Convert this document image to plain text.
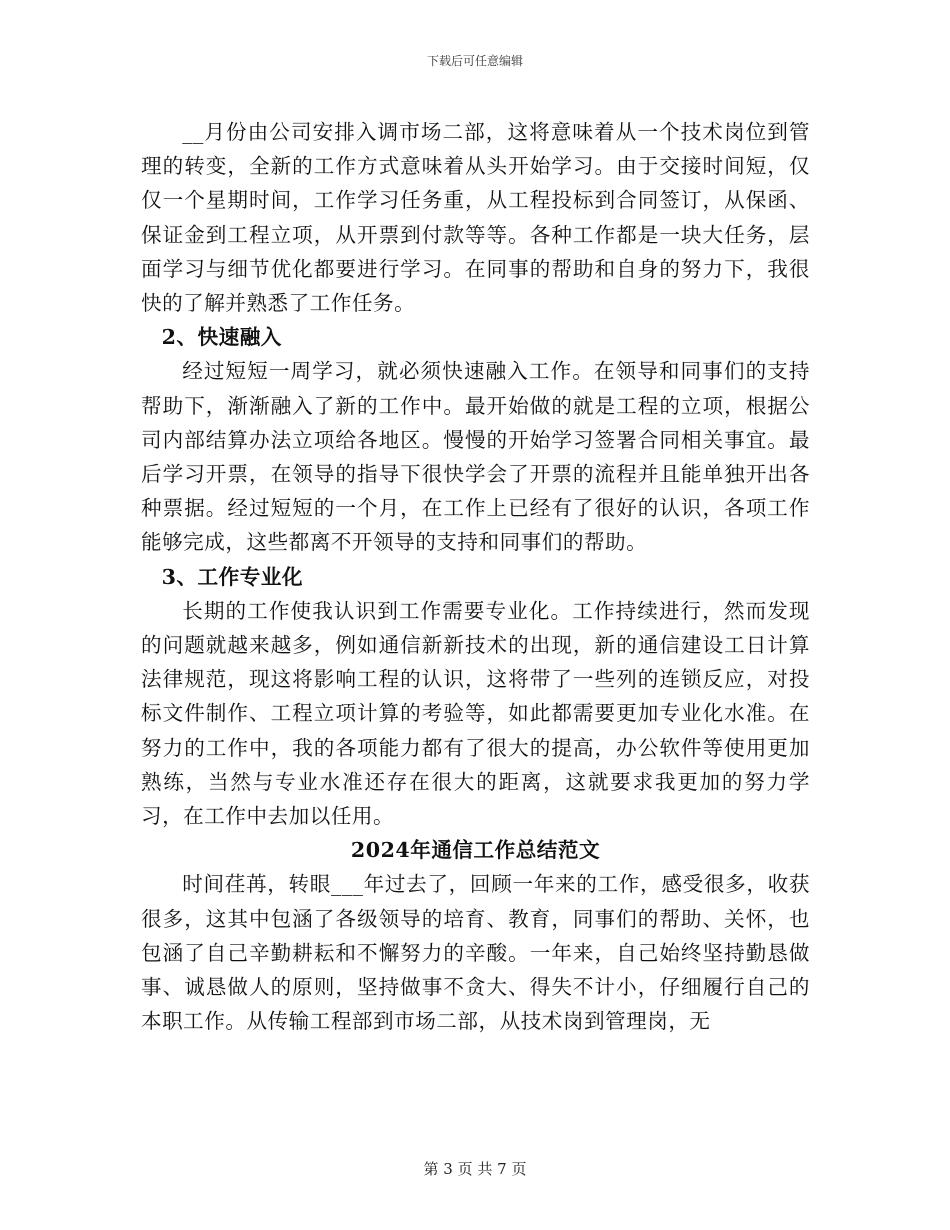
下载后可任意编辑

__月份由公司安排入调市场二部，这将意味着从一个技术岗位到管理的转变，全新的工作方式意味着从头开始学习。由于交接时间短，仅仅一个星期时间，工作学习任务重，从工程投标到合同签订，从保函、保证金到工程立项，从开票到付款等等。各种工作都是一块大任务，层面学习与细节优化都要进行学习。在同事的帮助和自身的努力下，我很快的了解并熟悉了工作任务。

2、快速融入

经过短短一周学习，就必须快速融入工作。在领导和同事们的支持帮助下，渐渐融入了新的工作中。最开始做的就是工程的立项，根据公司内部结算办法立项给各地区。慢慢的开始学习签署合同相关事宜。最后学习开票，在领导的指导下很快学会了开票的流程并且能单独开出各种票据。经过短短的一个月，在工作上已经有了很好的认识，各项工作能够完成，这些都离不开领导的支持和同事们的帮助。

3、工作专业化

长期的工作使我认识到工作需要专业化。工作持续进行，然而发现的问题就越来越多，例如通信新新技术的出现，新的通信建设工日计算法律规范，现这将影响工程的认识，这将带了一些列的连锁反应，对投标文件制作、工程立项计算的考验等，如此都需要更加专业化水准。在努力的工作中，我的各项能力都有了很大的提高，办公软件等使用更加熟练，当然与专业水准还存在很大的距离，这就要求我更加的努力学习，在工作中去加以任用。

2024年通信工作总结范文

时间荏苒，转眼___年过去了，回顾一年来的工作，感受很多，收获很多，这其中包涵了各级领导的培育、教育，同事们的帮助、关怀，也包涵了自己辛勤耕耘和不懈努力的辛酸。一年来，自己始终坚持勤恳做事、诚恳做人的原则，坚持做事不贪大、得失不计小，仔细履行自己的本职工作。从传输工程部到市场二部，从技术岗到管理岗，无

第 3 页 共 7 页
